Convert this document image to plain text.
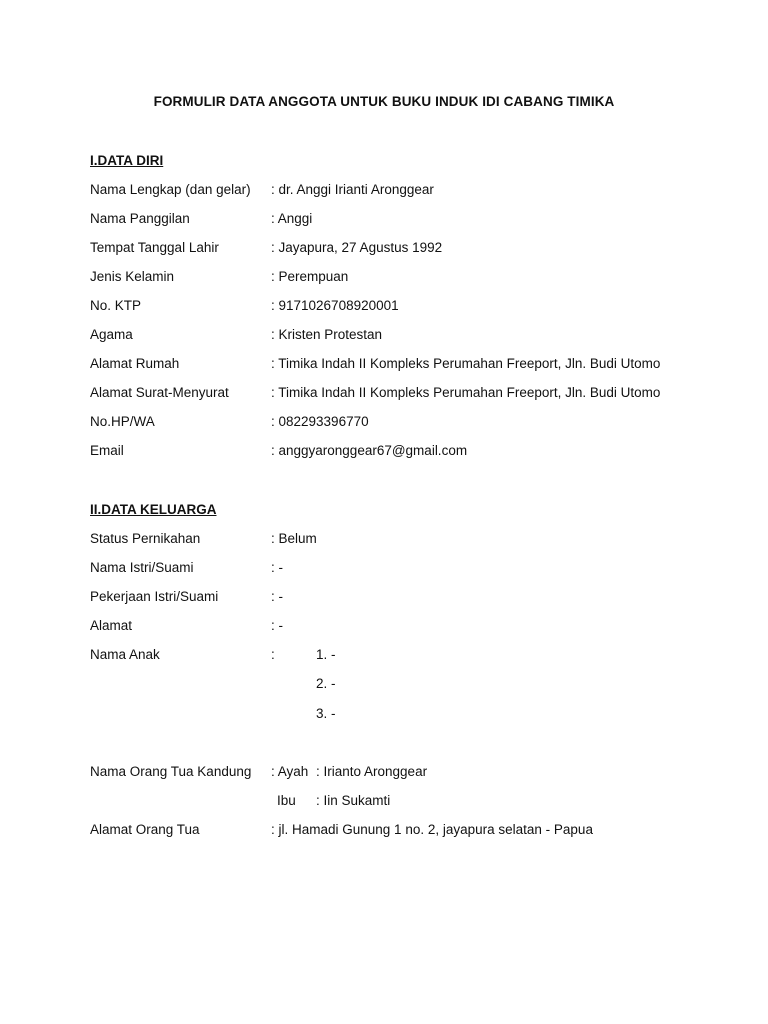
FORMULIR DATA ANGGOTA UNTUK BUKU INDUK IDI CABANG TIMIKA
I.DATA DIRI
Nama Lengkap (dan gelar) : dr. Anggi Irianti Aronggear
Nama Panggilan	: Anggi
Tempat Tanggal Lahir	: Jayapura, 27 Agustus 1992
Jenis Kelamin	: Perempuan
No. KTP	: 9171026708920001
Agama	: Kristen Protestan
Alamat Rumah	: Timika Indah II Kompleks Perumahan Freeport, Jln. Budi Utomo
Alamat Surat-Menyurat	: Timika Indah II Kompleks Perumahan Freeport, Jln. Budi Utomo
No.HP/WA	: 082293396770
Email	: anggyaronggear67@gmail.com
II.DATA KELUARGA
Status Pernikahan	: Belum
Nama Istri/Suami	: -
Pekerjaan Istri/Suami	: -
Alamat	: -
Nama Anak	:	1. -
2. -
3. -
Nama Orang Tua Kandung : Ayah : Irianto Aronggear
Ibu : Iin Sukamti
Alamat Orang Tua	: jl. Hamadi Gunung 1 no. 2, jayapura selatan - Papua
